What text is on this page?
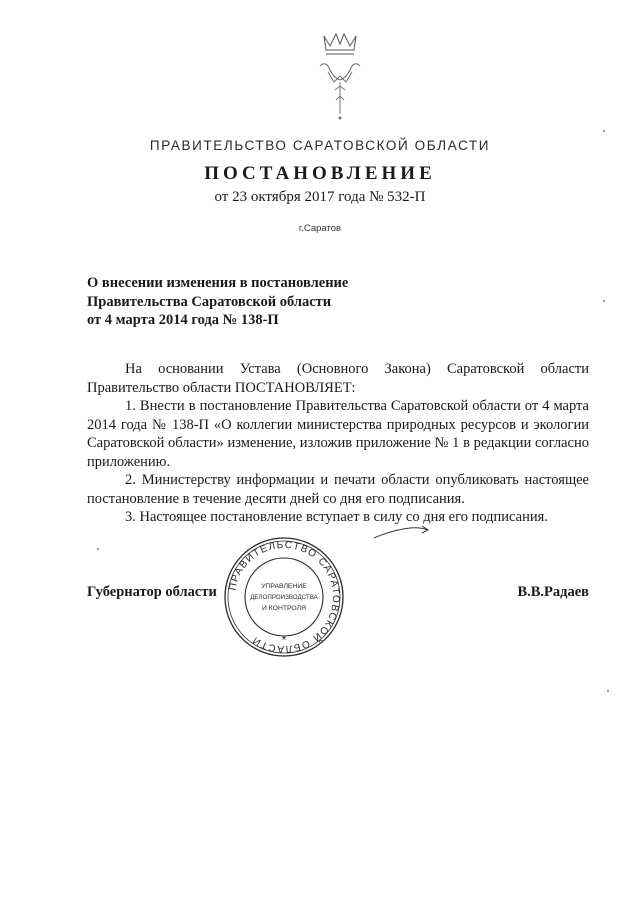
ПРАВИТЕЛЬСТВО САРАТОВСКОЙ ОБЛАСТИ
ПОСТАНОВЛЕНИЕ
от 23 октября 2017 года № 532-П
г.Саратов
О внесении изменения в постановление
Правительства Саратовской области
от 4 марта 2014 года № 138-П

На основании Устава (Основного Закона) Саратовской области Правительство области ПОСТАНОВЛЯЕТ:

1. Внести в постановление Правительства Саратовской области от 4 марта 2014 года № 138-П «О коллегии министерства природных ресурсов и экологии Саратовской области» изменение, изложив приложение № 1 в редакции согласно приложению.

2. Министерству информации и печати области опубликовать настоящее постановление в течение десяти дней со дня его подписания.

3. Настоящее постановление вступает в силу со дня его подписания.

Губернатор области	В.В.Радаев
ПРАВИТЕЛЬСТВО САРАТОВСКОЙ ОБЛАСТИ
УПРАВЛЕНИЕ
ДЕЛОПРОИЗВОДСТВА
И КОНТРОЛЯ
*
